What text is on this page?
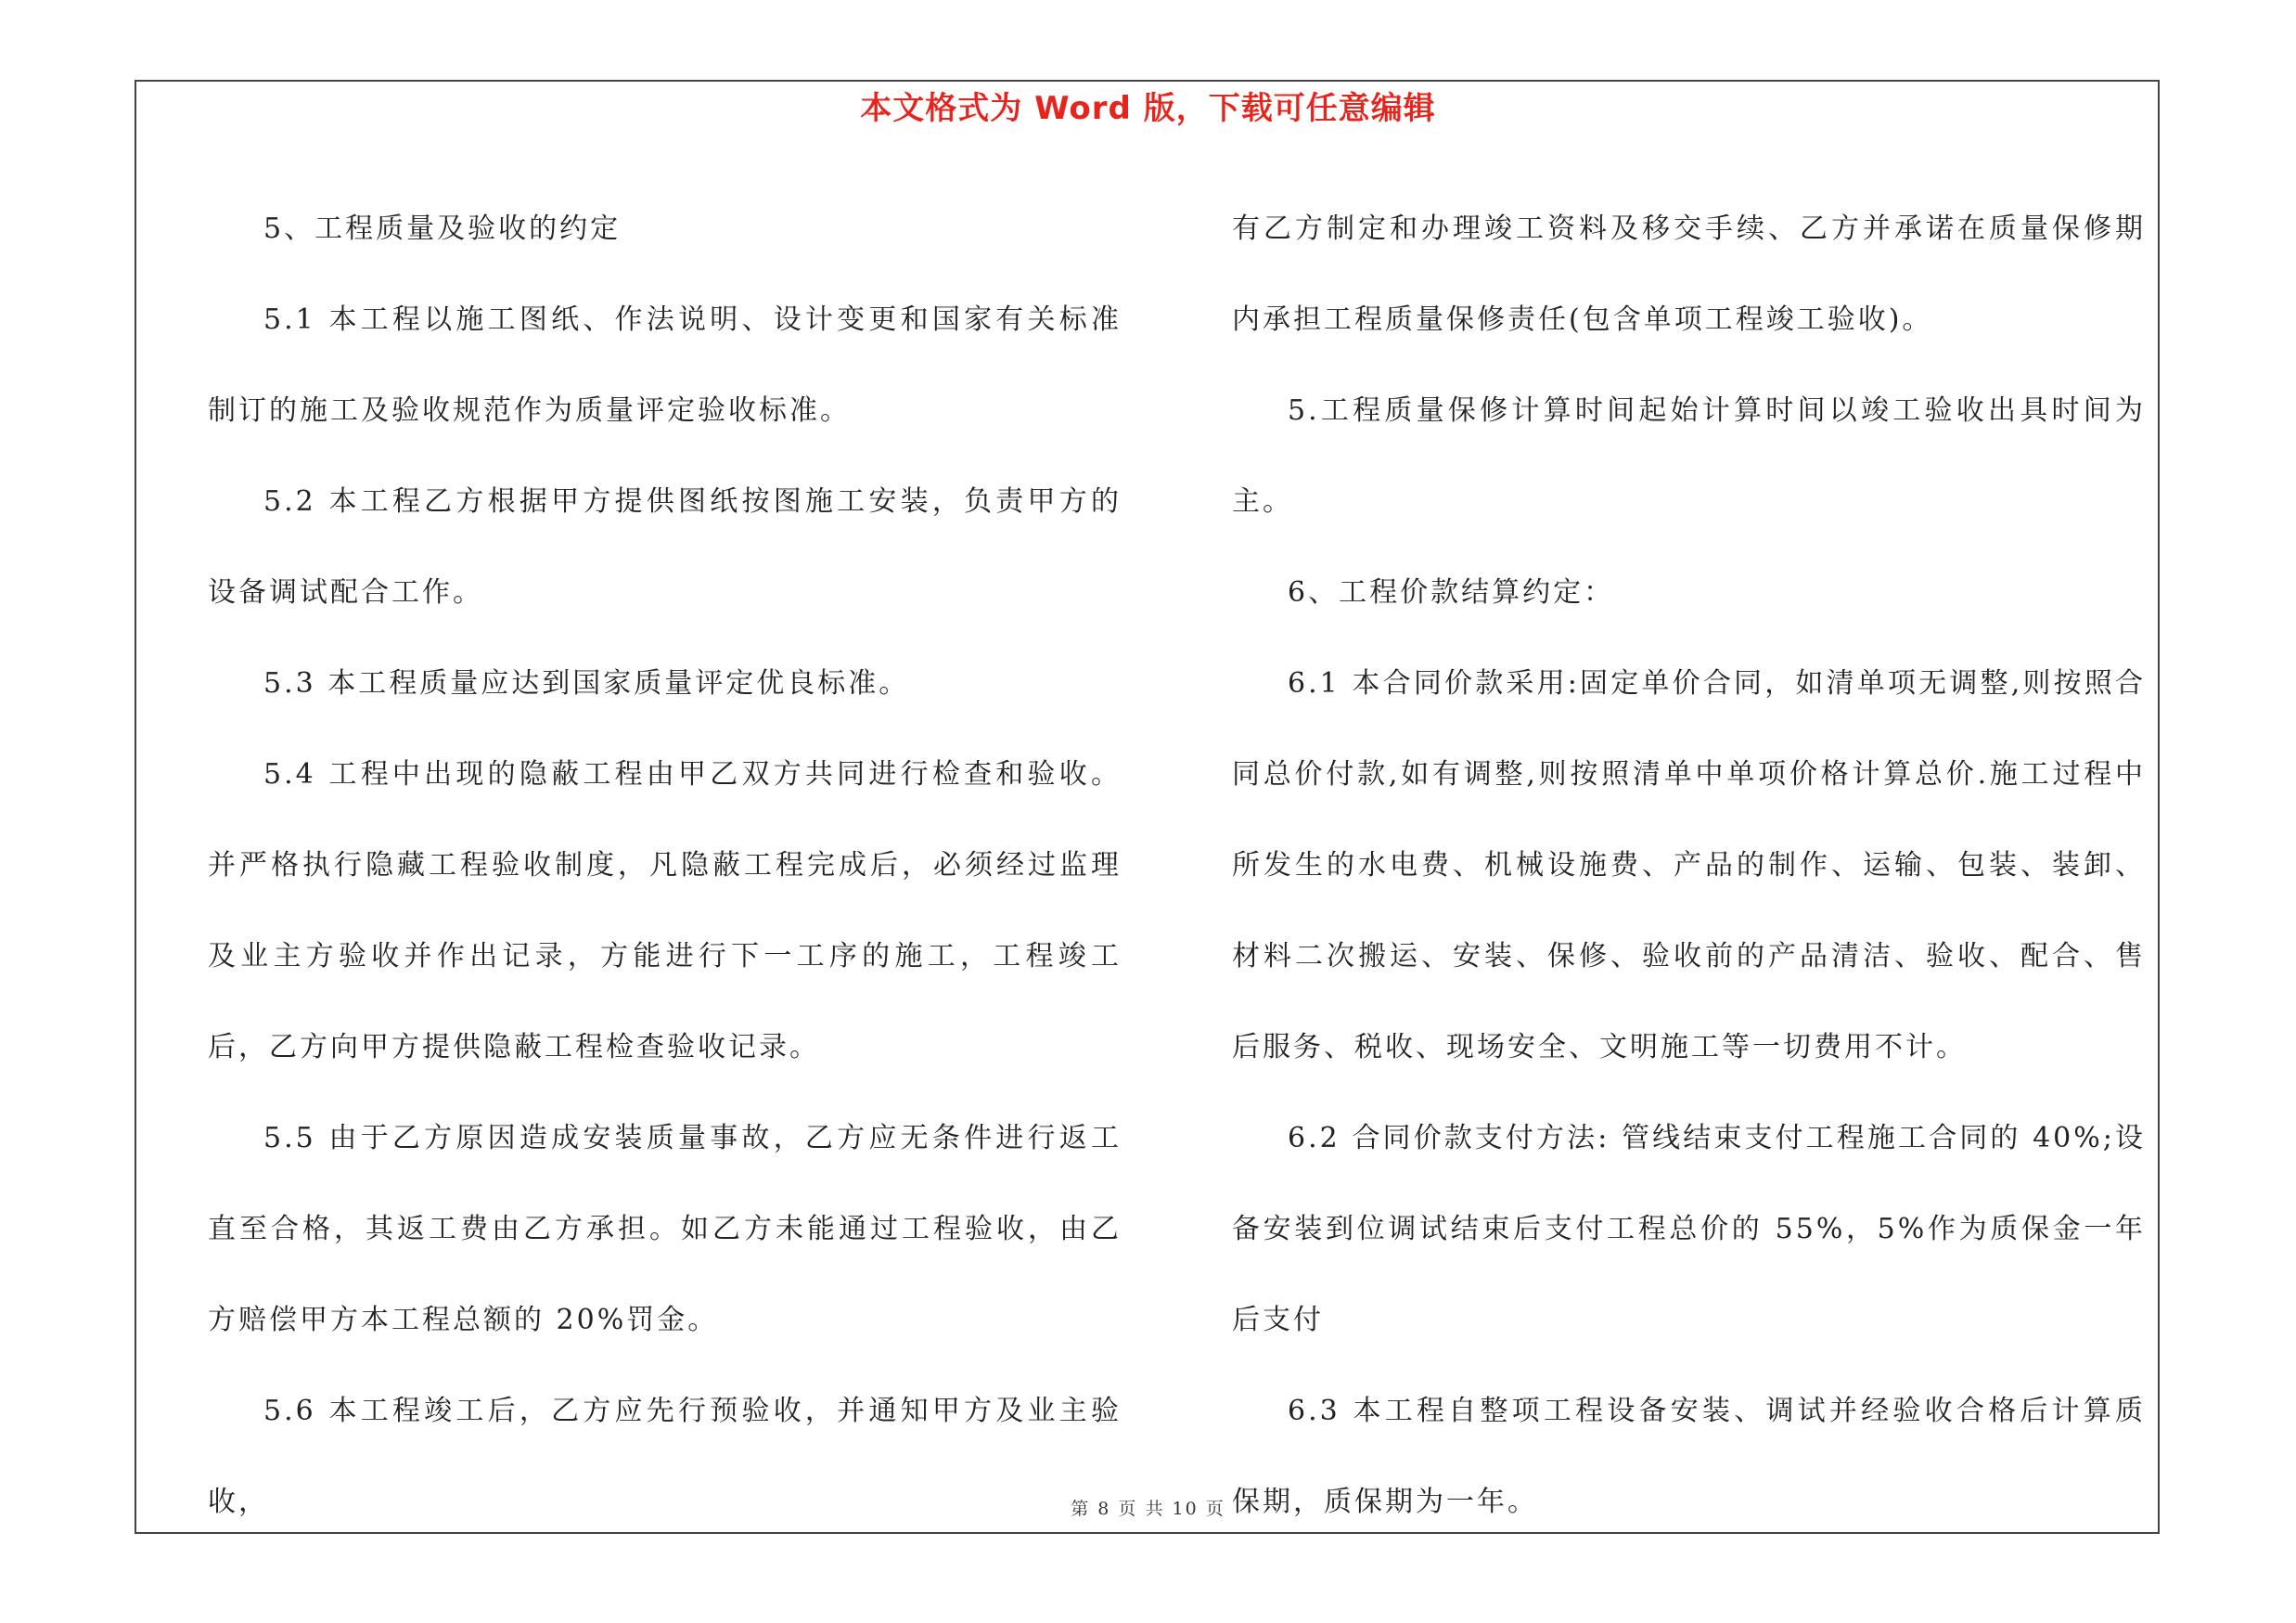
本文格式为 Word 版，下载可任意编辑

5、工程质量及验收的约定

5.1 本工程以施工图纸、作法说明、设计变更和国家有关标准制订的施工及验收规范作为质量评定验收标准。

5.2 本工程乙方根据甲方提供图纸按图施工安装，负责甲方的设备调试配合工作。

5.3 本工程质量应达到国家质量评定优良标准。

5.4 工程中出现的隐蔽工程由甲乙双方共同进行检查和验收。并严格执行隐藏工程验收制度，凡隐蔽工程完成后，必须经过监理及业主方验收并作出记录，方能进行下一工序的施工，工程竣工后，乙方向甲方提供隐蔽工程检查验收记录。

5.5 由于乙方原因造成安装质量事故，乙方应无条件进行返工直至合格，其返工费由乙方承担。如乙方未能通过工程验收，由乙方赔偿甲方本工程总额的 20%罚金。

5.6 本工程竣工后，乙方应先行预验收，并通知甲方及业主验收，

有乙方制定和办理竣工资料及移交手续、乙方并承诺在质量保修期内承担工程质量保修责任(包含单项工程竣工验收)。

5.工程质量保修计算时间起始计算时间以竣工验收出具时间为主。

6、工程价款结算约定：

6.1 本合同价款采用:固定单价合同，如清单项无调整,则按照合同总价付款,如有调整,则按照清单中单项价格计算总价.施工过程中所发生的水电费、机械设施费、产品的制作、运输、包装、装卸、材料二次搬运、安装、保修、验收前的产品清洁、验收、配合、售后服务、税收、现场安全、文明施工等一切费用不计。

6.2 合同价款支付方法: 管线结束支付工程施工合同的 40%;设备安装到位调试结束后支付工程总价的 55%，5%作为质保金一年后支付

6.3 本工程自整项工程设备安装、调试并经验收合格后计算质保期，质保期为一年。

第 8 页 共 10 页
